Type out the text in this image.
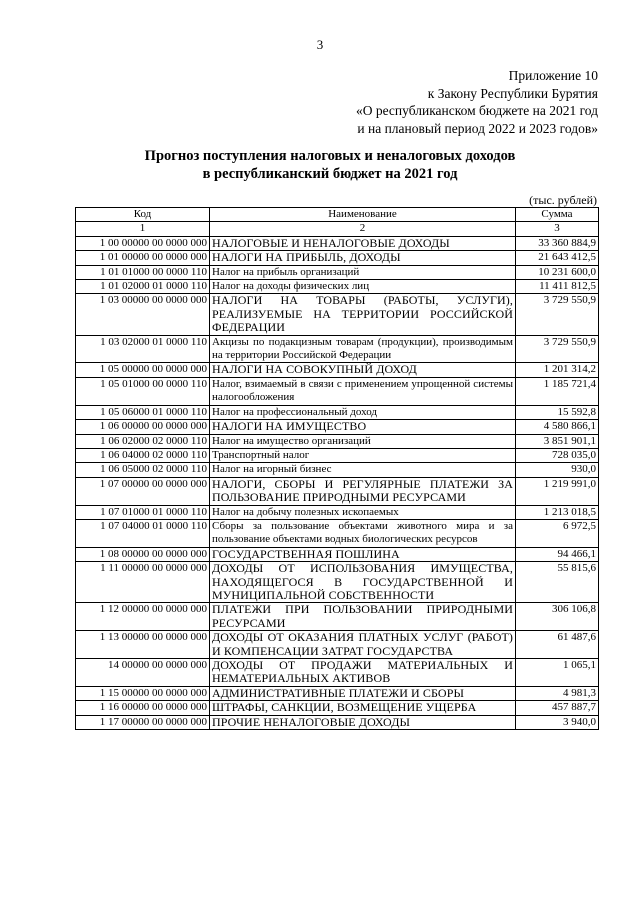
3
Приложение 10
к Закону Республики Бурятия
«О республиканском бюджете на 2021 год
и на плановый период 2022 и 2023 годов»
Прогноз поступления налоговых и неналоговых доходов
в республиканский бюджет на 2021 год
(тыс. рублей)
Код	Наименование	Сумма
1	2	3
1 00 00000 00 0000 000	НАЛОГОВЫЕ И НЕНАЛОГОВЫЕ ДОХОДЫ	33 360 884,9
1 01 00000 00 0000 000	НАЛОГИ НА ПРИБЫЛЬ, ДОХОДЫ	21 643 412,5
1 01 01000 00 0000 110	Налог на прибыль организаций	10 231 600,0
1 01 02000 01 0000 110	Налог на доходы физических лиц	11 411 812,5
1 03 00000 00 0000 000	НАЛОГИ НА ТОВАРЫ (РАБОТЫ, УСЛУГИ), РЕАЛИЗУЕМЫЕ НА ТЕРРИТОРИИ РОССИЙСКОЙ ФЕДЕРАЦИИ	3 729 550,9
1 03 02000 01 0000 110	Акцизы по подакцизным товарам (продукции), производимым на территории Российской Федерации	3 729 550,9
1 05 00000 00 0000 000	НАЛОГИ НА СОВОКУПНЫЙ ДОХОД	1 201 314,2
1 05 01000 00 0000 110	Налог, взимаемый в связи с применением упрощенной системы налогообложения	1 185 721,4
1 05 06000 01 0000 110	Налог на профессиональный доход	15 592,8
1 06 00000 00 0000 000	НАЛОГИ НА ИМУЩЕСТВО	4 580 866,1
1 06 02000 02 0000 110	Налог на имущество организаций	3 851 901,1
1 06 04000 02 0000 110	Транспортный налог	728 035,0
1 06 05000 02 0000 110	Налог на игорный бизнес	930,0
1 07 00000 00 0000 000	НАЛОГИ, СБОРЫ И РЕГУЛЯРНЫЕ ПЛАТЕЖИ ЗА ПОЛЬЗОВАНИЕ ПРИРОДНЫМИ РЕСУРСАМИ	1 219 991,0
1 07 01000 01 0000 110	Налог на добычу полезных ископаемых	1 213 018,5
1 07 04000 01 0000 110	Сборы за пользование объектами животного мира и за пользование объектами водных биологических ресурсов	6 972,5
1 08 00000 00 0000 000	ГОСУДАРСТВЕННАЯ ПОШЛИНА	94 466,1
1 11 00000 00 0000 000	ДОХОДЫ ОТ ИСПОЛЬЗОВАНИЯ ИМУЩЕСТВА, НАХОДЯЩЕГОСЯ В ГОСУДАРСТВЕННОЙ И МУНИЦИПАЛЬНОЙ СОБСТВЕННОСТИ	55 815,6
1 12 00000 00 0000 000	ПЛАТЕЖИ ПРИ ПОЛЬЗОВАНИИ ПРИРОДНЫМИ РЕСУРСАМИ	306 106,8
1 13 00000 00 0000 000	ДОХОДЫ ОТ ОКАЗАНИЯ ПЛАТНЫХ УСЛУГ (РАБОТ) И КОМПЕНСАЦИИ ЗАТРАТ ГОСУДАРСТВА	61 487,6
14 00000 00 0000 000	ДОХОДЫ ОТ ПРОДАЖИ МАТЕРИАЛЬНЫХ И НЕМАТЕРИАЛЬНЫХ АКТИВОВ	1 065,1
1 15 00000 00 0000 000	АДМИНИСТРАТИВНЫЕ ПЛАТЕЖИ И СБОРЫ	4 981,3
1 16 00000 00 0000 000	ШТРАФЫ, САНКЦИИ, ВОЗМЕЩЕНИЕ УЩЕРБА	457 887,7
1 17 00000 00 0000 000	ПРОЧИЕ НЕНАЛОГОВЫЕ ДОХОДЫ	3 940,0
